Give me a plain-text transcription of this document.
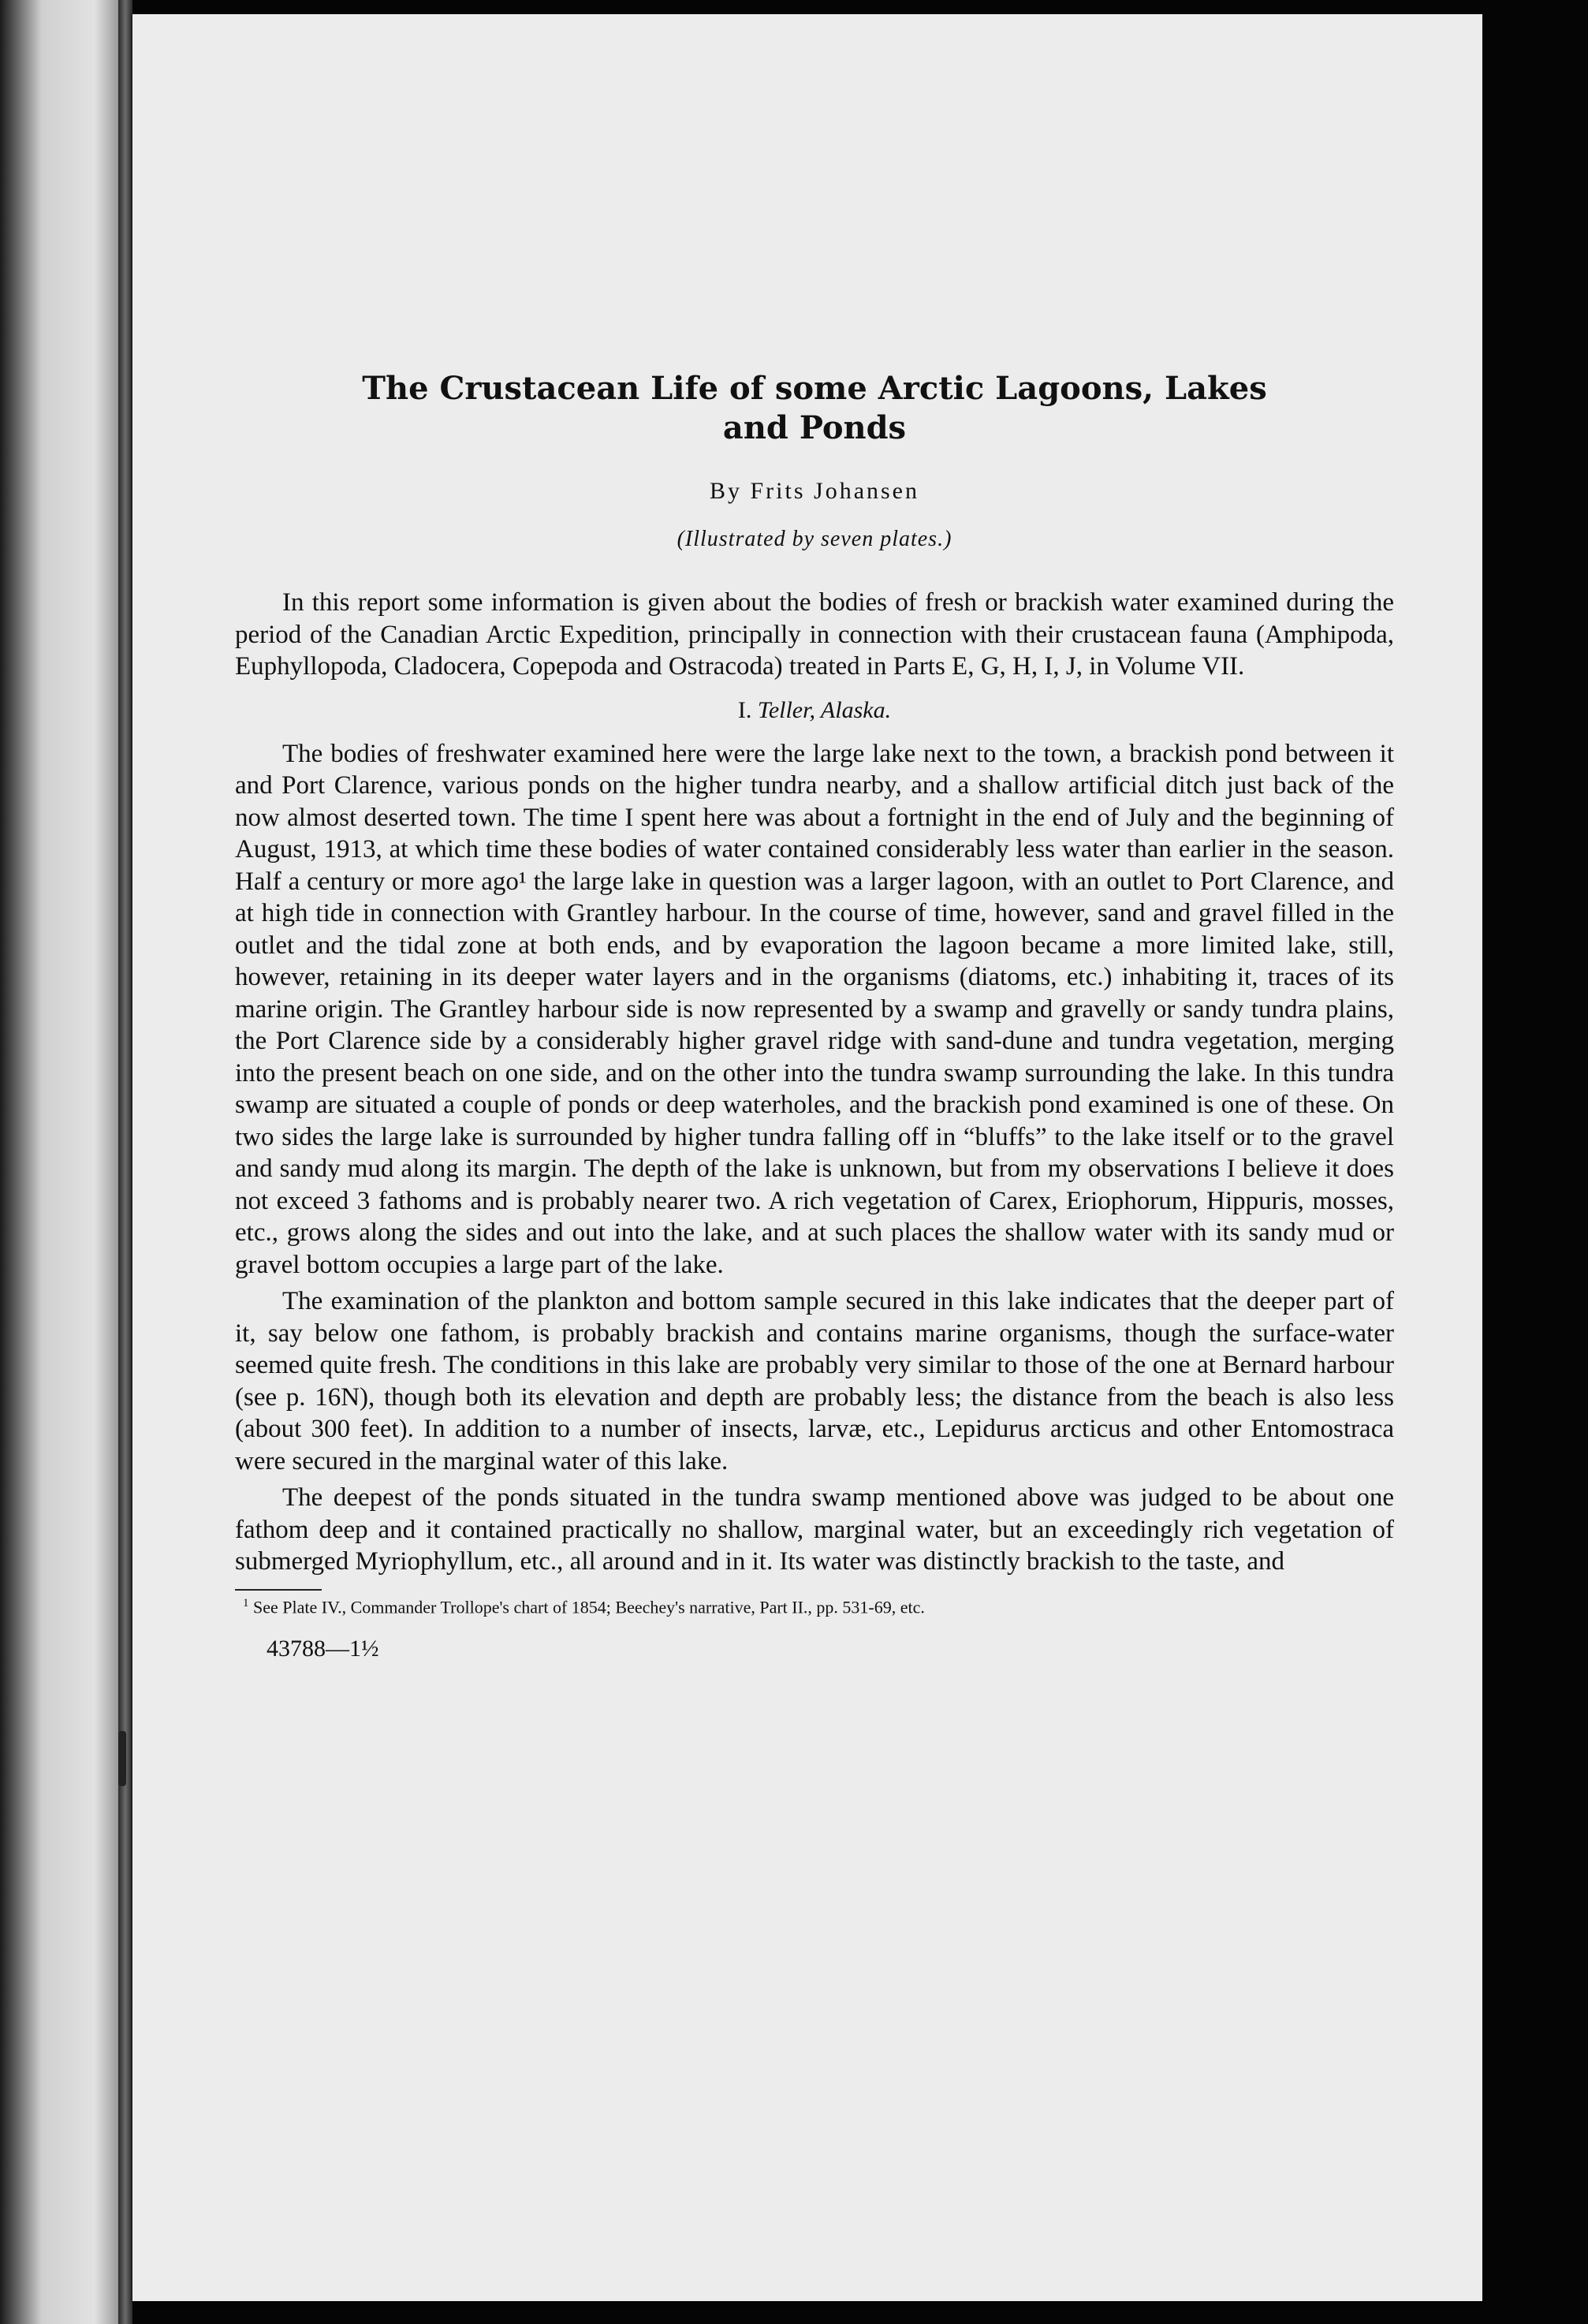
The Crustacean Life of some Arctic Lagoons, Lakes and Ponds
By Frits Johansen
(Illustrated by seven plates.)

In this report some information is given about the bodies of fresh or brackish water examined during the period of the Canadian Arctic Expedition, principally in connection with their crustacean fauna (Amphipoda, Euphyllopoda, Cladocera, Copepoda and Ostracoda) treated in Parts E, G, H, I, J, in Volume VII.

I. Teller, Alaska.

The bodies of freshwater examined here were the large lake next to the town, a brackish pond between it and Port Clarence, various ponds on the higher tundra nearby, and a shallow artificial ditch just back of the now almost deserted town. The time I spent here was about a fortnight in the end of July and the beginning of August, 1913, at which time these bodies of water contained considerably less water than earlier in the season. Half a century or more ago¹ the large lake in question was a larger lagoon, with an outlet to Port Clarence, and at high tide in connection with Grantley harbour. In the course of time, however, sand and gravel filled in the outlet and the tidal zone at both ends, and by evaporation the lagoon became a more limited lake, still, however, retaining in its deeper water layers and in the organisms (diatoms, etc.) inhabiting it, traces of its marine origin. The Grantley harbour side is now represented by a swamp and gravelly or sandy tundra plains, the Port Clarence side by a considerably higher gravel ridge with sand-dune and tundra vegetation, merging into the present beach on one side, and on the other into the tundra swamp surrounding the lake. In this tundra swamp are situated a couple of ponds or deep waterholes, and the brackish pond examined is one of these. On two sides the large lake is surrounded by higher tundra falling off in “bluffs” to the lake itself or to the gravel and sandy mud along its margin. The depth of the lake is unknown, but from my observations I believe it does not exceed 3 fathoms and is probably nearer two. A rich vegetation of Carex, Eriophorum, Hippuris, mosses, etc., grows along the sides and out into the lake, and at such places the shallow water with its sandy mud or gravel bottom occupies a large part of the lake.

The examination of the plankton and bottom sample secured in this lake indicates that the deeper part of it, say below one fathom, is probably brackish and contains marine organisms, though the surface-water seemed quite fresh. The conditions in this lake are probably very similar to those of the one at Bernard harbour (see p. 16N), though both its elevation and depth are probably less; the distance from the beach is also less (about 300 feet). In addition to a number of insects, larvæ, etc., Lepidurus arcticus and other Entomostraca were secured in the marginal water of this lake.

The deepest of the ponds situated in the tundra swamp mentioned above was judged to be about one fathom deep and it contained practically no shallow, marginal water, but an exceedingly rich vegetation of submerged Myriophyllum, etc., all around and in it. Its water was distinctly brackish to the taste, and

$^1$ See Plate IV., Commander Trollope's chart of 1854; Beechey's narrative, Part II., pp. 531-69, etc.
43788—1½
